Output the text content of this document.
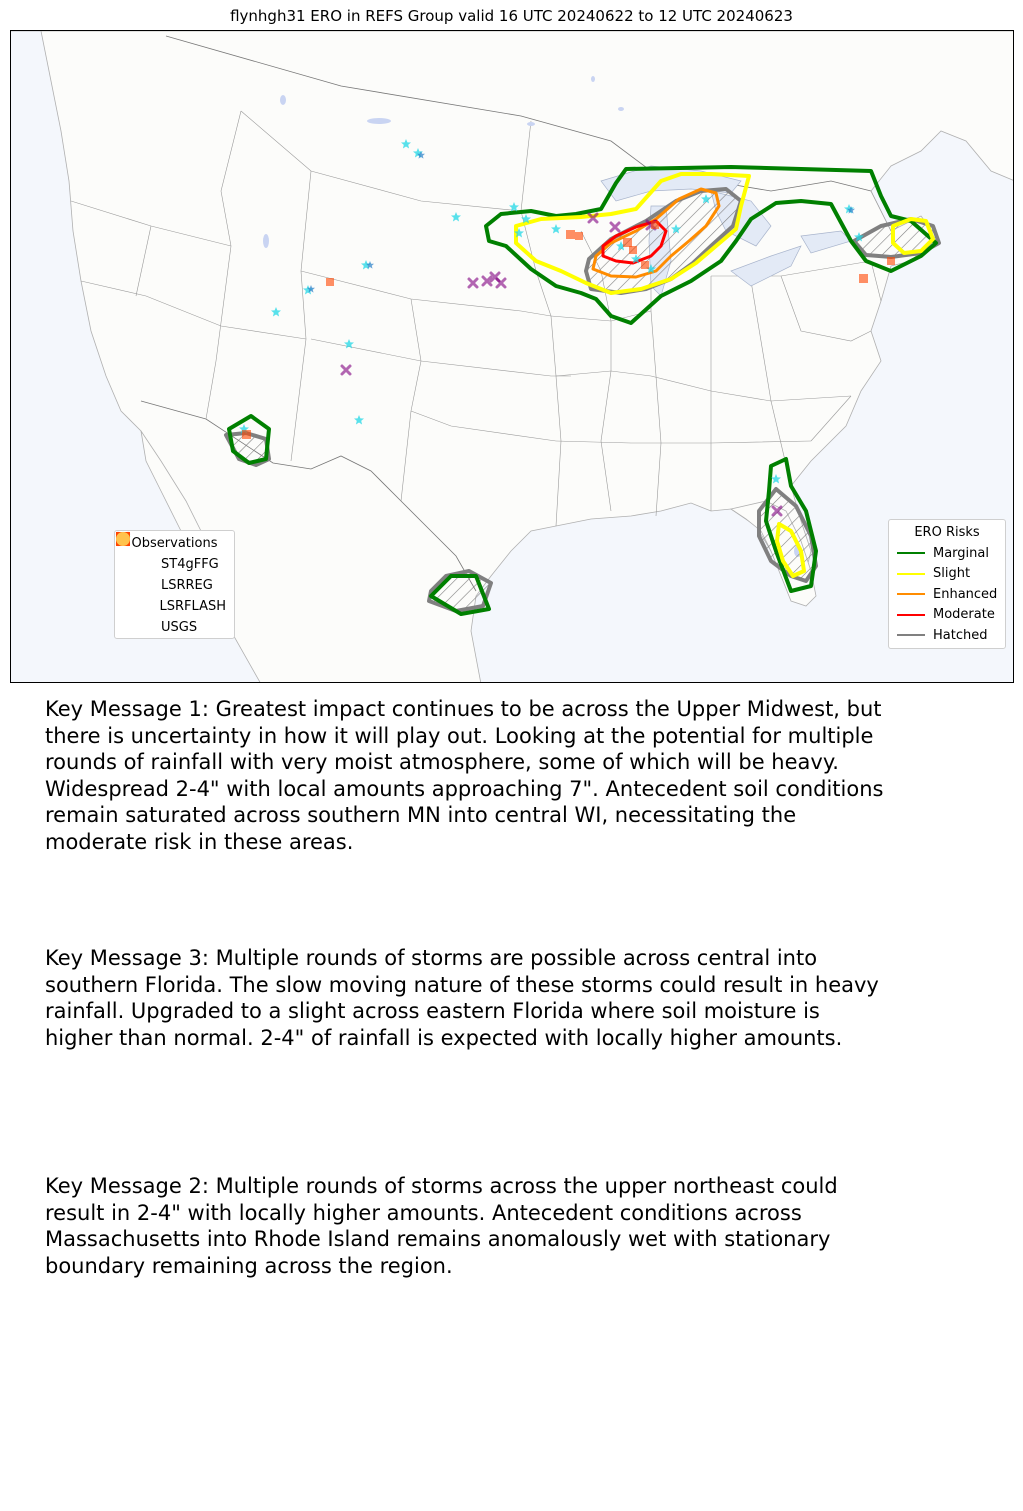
flynhgh31 ERO in REFS Group valid 16 UTC 20240622 to 12 UTC 20240623
Observations
ST4gFFG
LSRREG
LSRFLASH
USGS
ERO Risks
Marginal
Slight
Enhanced
Moderate
Hatched
Key Message 1: Greatest impact continues to be across the Upper Midwest, but
there is uncertainty in how it will play out. Looking at the potential for multiple
rounds of rainfall with very moist atmosphere, some of which will be heavy.
Widespread 2-4" with local amounts approaching 7". Antecedent soil conditions
remain saturated across southern MN into central WI, necessitating the
moderate risk in these areas.
Key Message 3: Multiple rounds of storms are possible across central into
southern Florida. The slow moving nature of these storms could result in heavy
rainfall. Upgraded to a slight across eastern Florida where soil moisture is
higher than normal. 2-4" of rainfall is expected with locally higher amounts.
Key Message 2: Multiple rounds of storms across the upper northeast could
result in 2-4" with locally higher amounts. Antecedent conditions across
Massachusetts into Rhode Island remains anomalously wet with stationary
boundary remaining across the region.
